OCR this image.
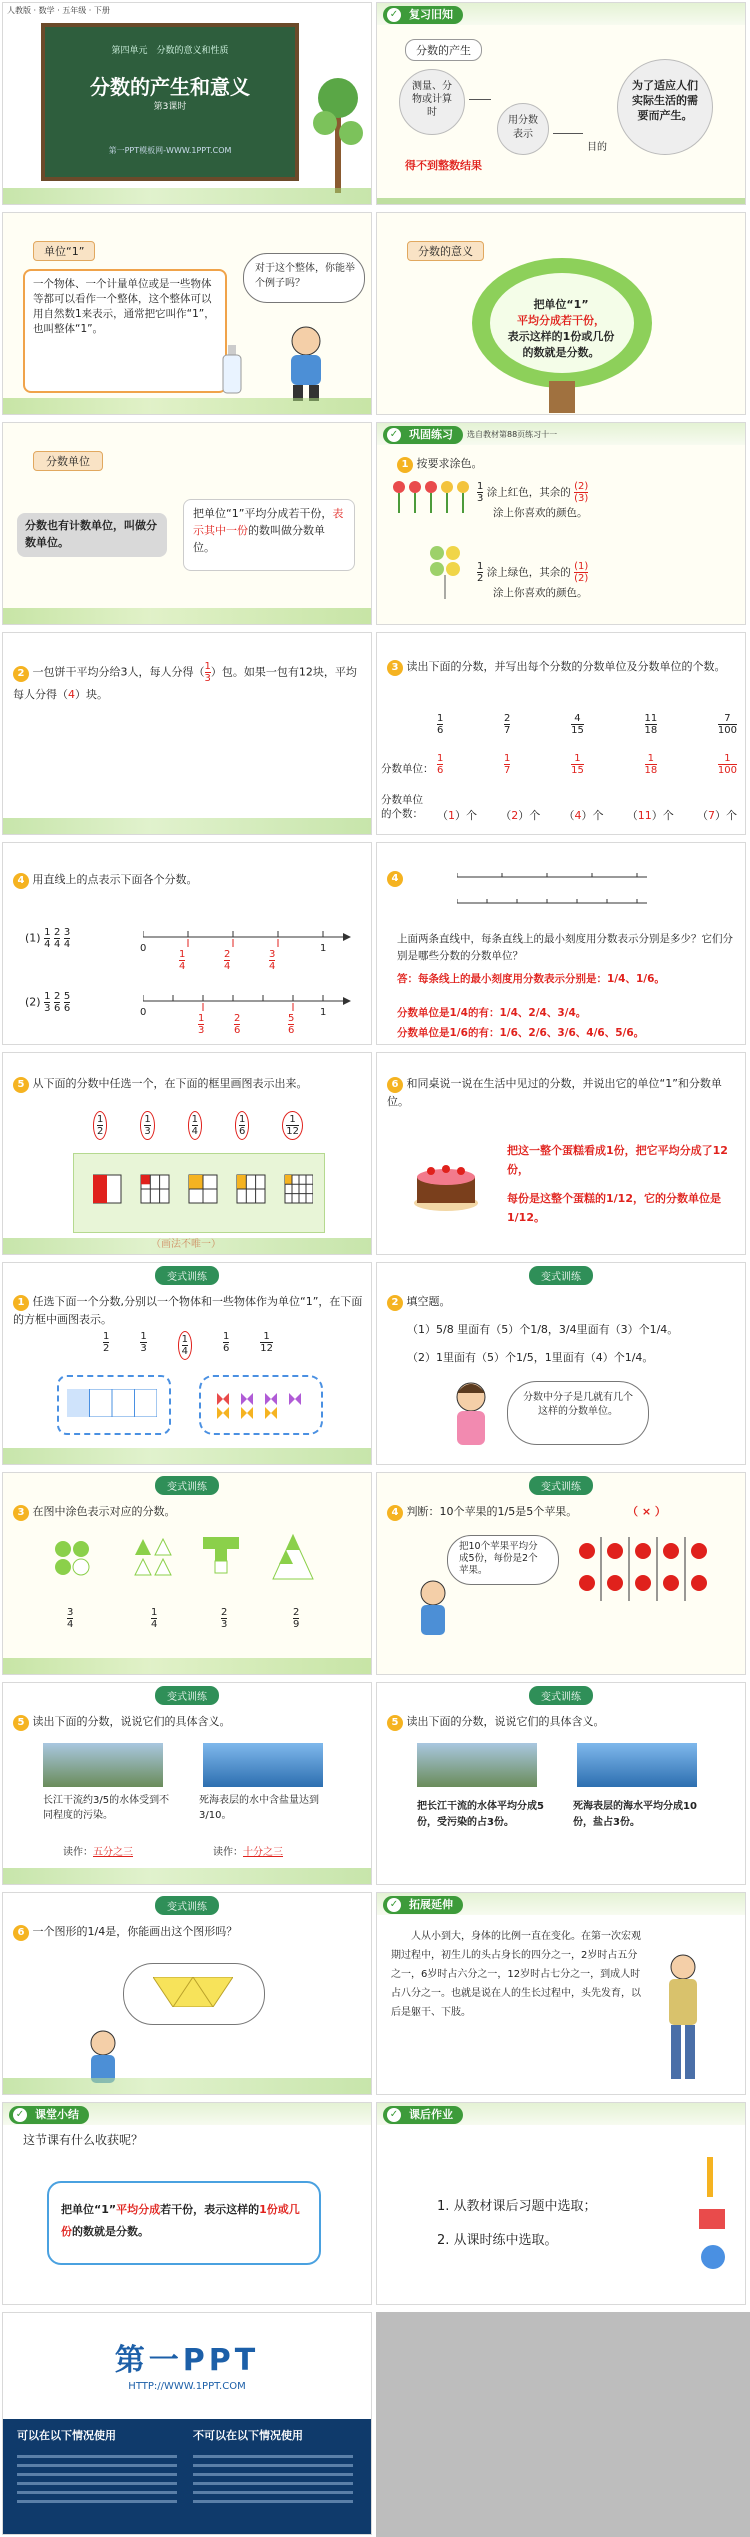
人教版 · 数学 · 五年级 · 下册
第四单元　分数的意义和性质
分数的产生和意义
第3课时
第一PPT模板网-WWW.1PPT.COM
✓ 复习旧知
分数的产生
测量、分物或计算时
用分数表示
目的
为了适应人们实际生活的需要而产生。
得不到整数结果
单位“1”
一个物体、一个计量单位或是一些物体等都可以看作一个整体，这个整体可以用自然数1来表示，通常把它叫作“1”，也叫整体“1”。
对于这个整体，你能举个例子吗？
分数的意义
把单位“1”
平均分成若干份，
表示这样的1份或几份
的数就是分数。
分数单位
分数也有计数单位，叫做分数单位。
把单位“1”平均分成若干份，表示其中一份的数叫做分数单位。
✓ 巩固练习	选自教材第88页练习十一
1 按要求涂色。
$\frac{1}{3}$ 涂上红色，其余的 (2)
(3)
涂上你喜欢的颜色。
$\frac{1}{2}$ 涂上绿色，其余的 (1)
(2)
涂上你喜欢的颜色。
2 一包饼干平均分给3人，每人分得（ $\frac{1}{3}$ ）包。如果一包有12块，平均每人分得（4）块。
3 读出下面的分数，并写出每个分数的分数单位及分数单位的个数。
$\frac{1}{6}$	$\frac{2}{7}$	$\frac{4}{15}$	$\frac{11}{18}$	$\frac{7}{100}$
分数单位： $\frac{1}{6}$	$\frac{1}{7}$	$\frac{1}{15}$	$\frac{1}{18}$	$\frac{1}{100}$
分数单位
的个数： （1）个 （2）个 （4）个 （11）个 （7）个
4 用直线上的点表示下面各个分数。
$(1) \frac{1}{4}$
$\frac{2}{4}$
$\frac{3}{4}$
$(2) \frac{1}{3}$
$\frac{2}{6}$
$\frac{5}{6}$
0	1
$\frac{1}{4}$	$\frac{2}{4}$	$\frac{3}{4}$
0	1
$\frac{1}{3}$	$\frac{2}{6}$	$\frac{5}{6}$
4
上面两条直线中，每条直线上的最小刻度用分数表示分别是多少？它们分别是哪些分数的分数单位？
答：每条线上的最小刻度用分数表示分别是：1/4、1/6。
分数单位是1/4的有：1/4、2/4、3/4。
分数单位是1/6的有：1/6、2/6、3/6、4/6、5/6。
5 从下面的分数中任选一个，在下面的框里画图表示出来。
$\frac{1}{2}$	$\frac{1}{3}$	$\frac{1}{4}$	$\frac{1}{6}$	$\frac{1}{12}$
6 和同桌说一说在生活中见过的分数，并说出它的单位“1”和分数单位。
把这一整个蛋糕看成1份，把它平均分成了12份，
每份是这整个蛋糕的1/12，它的分数单位是1/12。
变式训练
1 任选下面一个分数,分别以一个物体和一些物体作为单位“1”，在下面的方框中画图表示。
$\frac{1}{2}$	$\frac{1}{3}$	$\frac{1}{4}$	$\frac{1}{6}$	$\frac{1}{12}$
变式训练
2 填空题。
（1）5/8 里面有（5）个1/8，3/4里面有（3）个1/4。
（2）1里面有（5）个1/5，1里面有（4）个1/4。
分数中分子是几就有几个这样的分数单位。
变式训练
3 在图中涂色表示对应的分数。
$\frac{3}{4}$	$\frac{1}{4}$	$\frac{2}{3}$	$\frac{2}{9}$
变式训练
4 判断：10个苹果的1/5是5个苹果。	（ × ）
把10个苹果平均分成5份，每份是2个苹果。
变式训练
5 读出下面的分数，说说它们的具体含义。
长江干流约3/5的水体受到不同程度的污染。
死海表层的水中含盐量达到3/10。
读作：五分之三	读作：十分之三
变式训练
5 读出下面的分数，说说它们的具体含义。
把长江干流的水体平均分成5份，受污染的占3份。
死海表层的海水平均分成10份，盐占3份。
变式训练
6 一个图形的1/4是，你能画出这个图形吗？
✓ 拓展延伸
人从小到大，身体的比例一直在变化。在第一次宏观期过程中，初生儿的头占身长的四分之一，2岁时占五分之一，6岁时占六分之一，12岁时占七分之一，到成人时占八分之一。也就是说在人的生长过程中，头先发育，以后是躯干、下肢。
✓ 课堂小结
这节课有什么收获呢？
把单位“1”平均分成若干份，表示这样的1份或几份的数就是分数。
✓ 课后作业
1. 从教材课后习题中选取；
2. 从课时练中选取。
第一PPT
HTTP://WWW.1PPT.COM
可以在以下情况使用	不可以在以下情况使用
